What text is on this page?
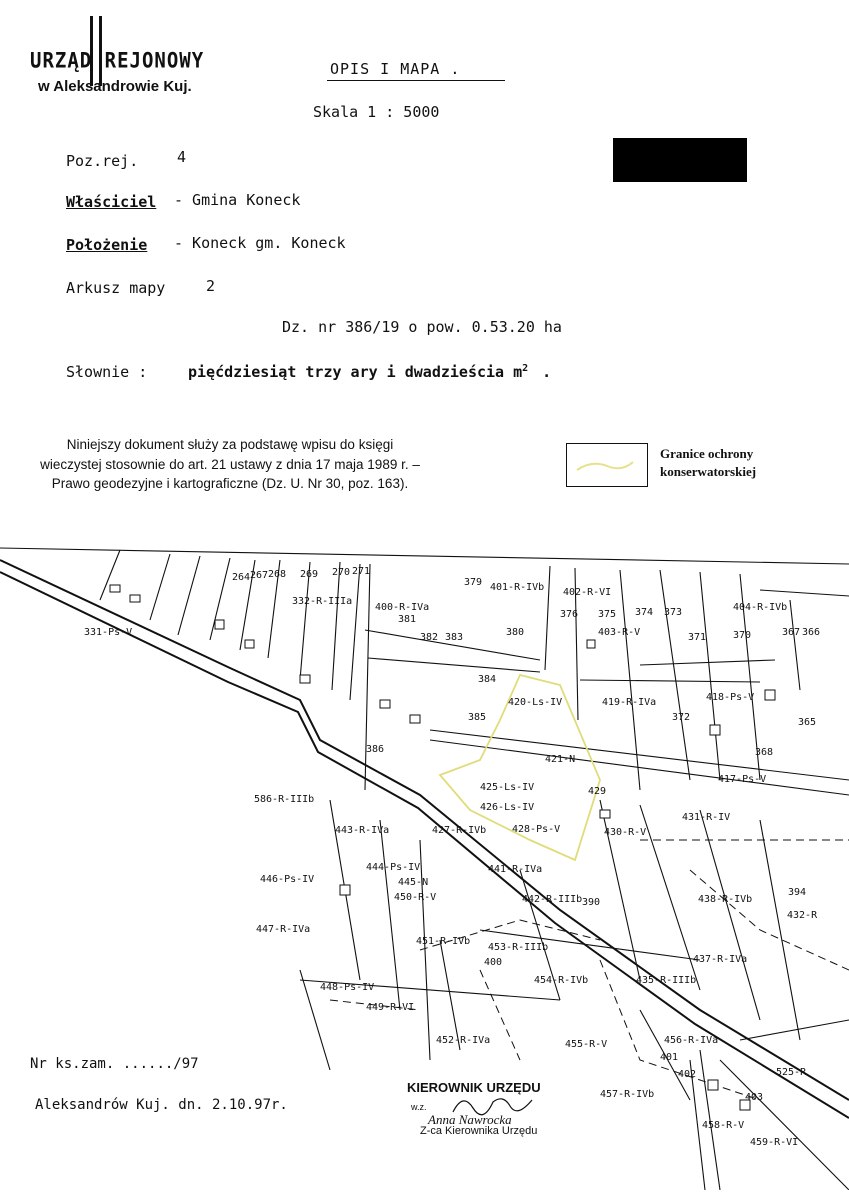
URZĄD REJONOWY
w Aleksandrowie Kuj.
OPIS I MAPA .
Skala 1 : 5000
Poz.rej.	4
Właściciel - Gmina Koneck
Położenie - Koneck gm. Koneck
Arkusz mapy	2
Dz. nr 386/19 o pow. 0.53.20 ha
Słownie :	pięćdziesiąt trzy ary i dwadzieścia $m^2$ .
Niniejszy dokument służy za podstawę wpisu do księgi wieczystej stosownie do art. 21 ustawy z dnia 17 maja 1989 r. – Prawo geodezyjne i kartograficzne (Dz. U. Nr 30, poz. 163).
Granice ochrony konserwatorskiej
331-Ps-V
264 267 268 269 270 271
332-R-IIIa
379 401-R-IVb 402-R-VI
400-R-IVa
381
382 383	380
376 375
403-R-V
374 373
371
404-R-IVb
370	367 366
384
419-R-IVa	418-Ps-V
372
385
386
420-Ls-IV
365
368
421-N
425-Ls-IV
426-Ls-IV
428-Ps-V
429
417-Ps-V
431-R-IV
586-R-IIIb
443-R-IVa	427-R-IVb	430-R-V
446-Ps-IV
441-R-IVa
390
447-R-IVa
450-R-V	442-R-IIIb	438-R-IVb
394
432-R
451-R-IVb
453-R-IIIb
437-R-IVa
400
448-Ps-IV
454-R-IVb	435-R-IIIb
449-R-VI
452-R-IVa	455-R-V	456-R-IVa
401
525-R
457-R-IVb
402
403
458-R-V
459-R-VI
444-Ps-IV
445-N
Nr ks.zam. ....../97
Aleksandrów Kuj. dn. 2.10.97r.
KIEROWNIK URZĘDU
w.z.
Anna Nawrocka
Z-ca Kierownika Urzędu
